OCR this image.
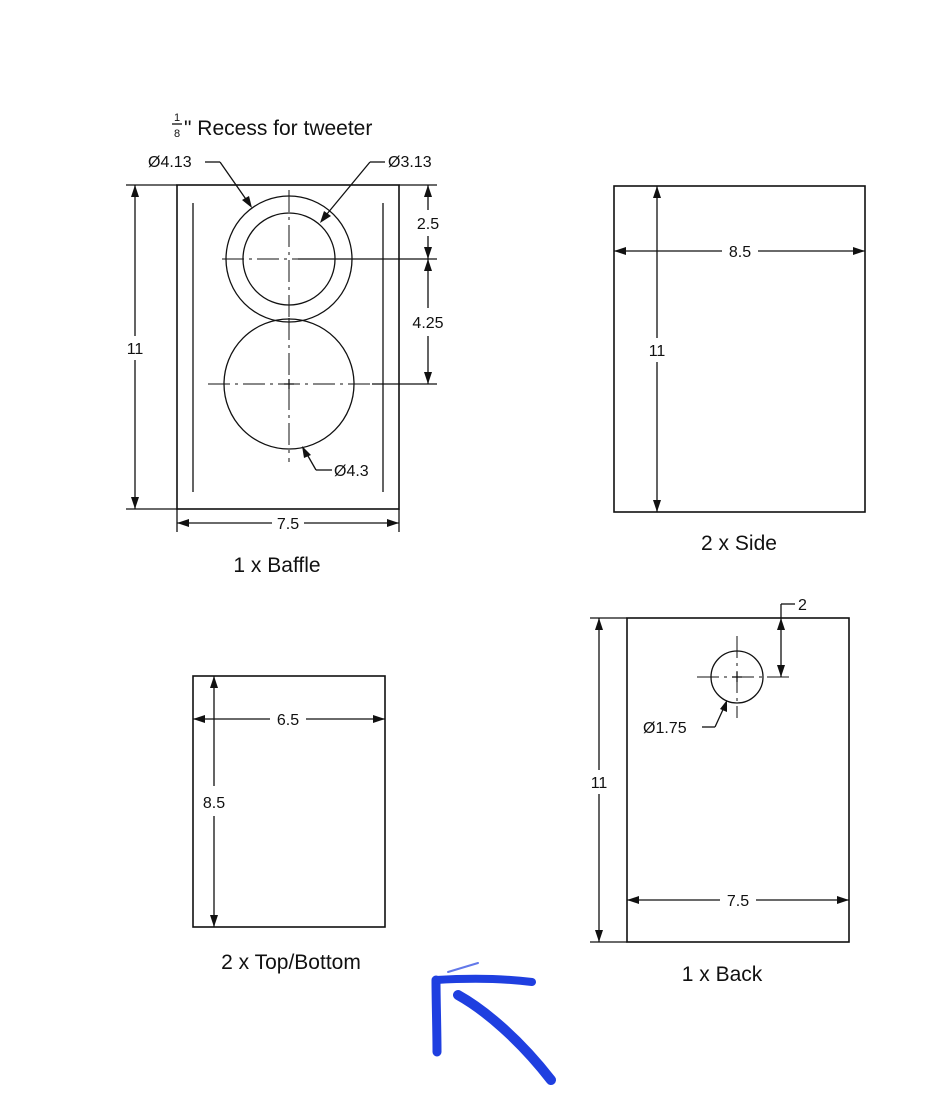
2.5
4.25
11
7.5
Ø4.13	Ø3.13
Ø4.3
1
8 " Recess for tweeter
1 x Baffle
8.5
11
2 x Side
6.5
8.5
2 x Top/Bottom
2
Ø1.75
11
7.5
1 x Back
